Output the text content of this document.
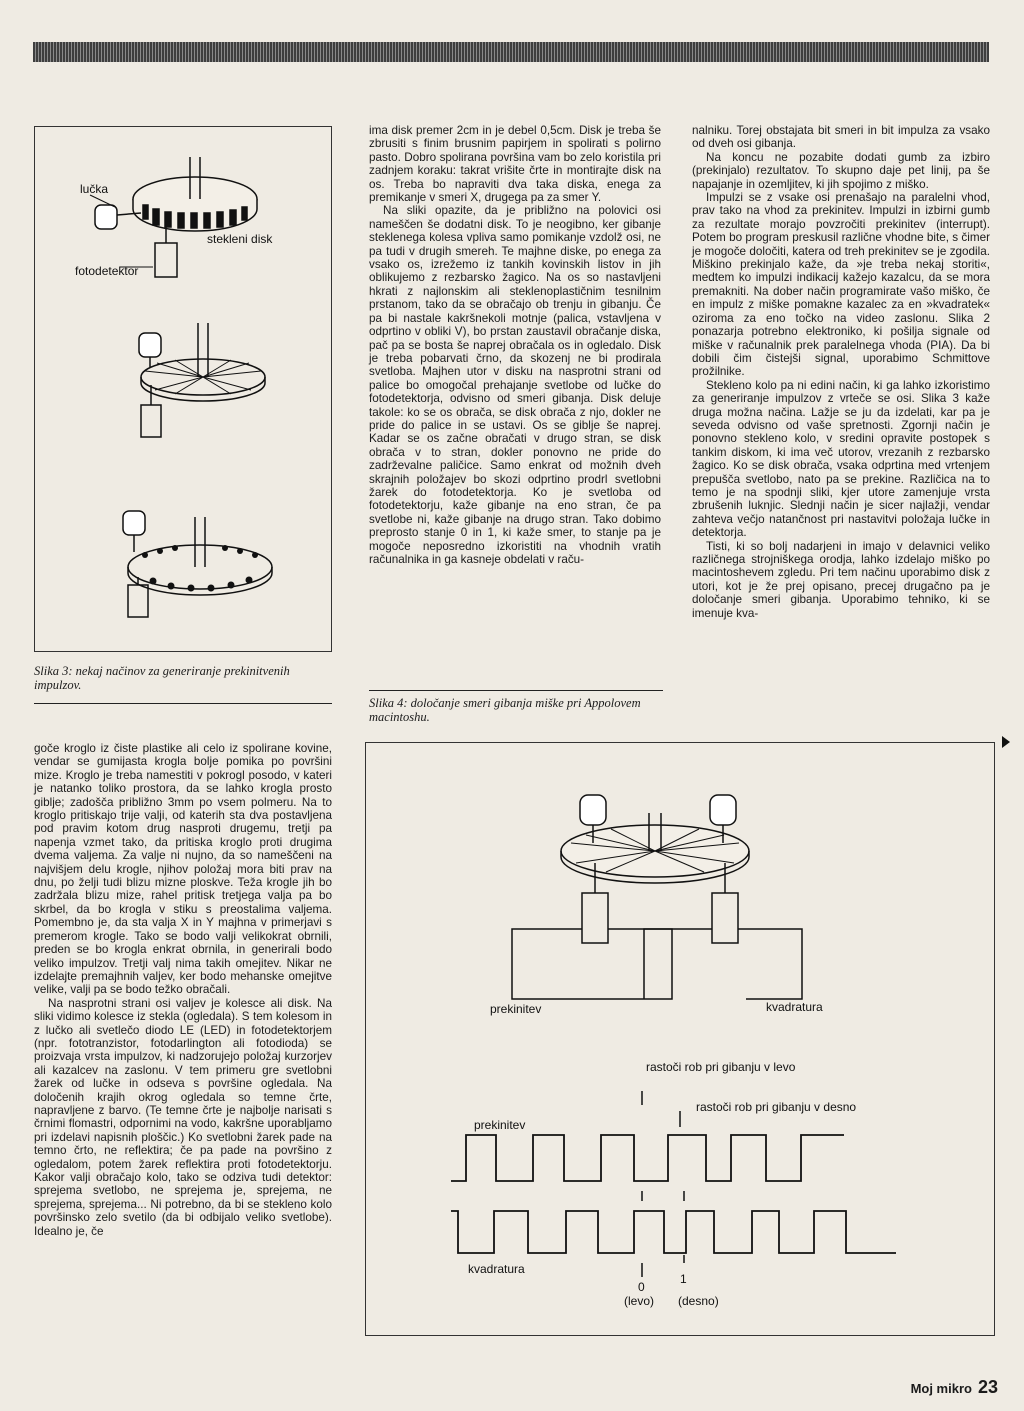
lučka
stekleni disk
fotodetektor
Slika 3: nekaj načinov za generiranje prekinitvenih impulzov.

ima disk premer 2cm in je debel 0,5cm. Disk je treba še zbrusiti s finim brusnim papirjem in spolirati s polirno pasto. Dobro spolirana površina vam bo zelo koristila pri zadnjem koraku: takrat vrišite črte in montirajte disk na os. Treba bo napraviti dva taka diska, enega za premikanje v smeri X, drugega pa za smer Y.

Na sliki opazite, da je približno na polovici osi nameščen še dodatni disk. To je neogibno, ker gibanje steklenega kolesa vpliva samo pomikanje vzdolž osi, ne pa tudi v drugih smereh. Te majhne diske, po enega za vsako os, izrežemo iz tankih kovinskih listov in jih oblikujemo z rezbarsko žagico. Na os so nastavljeni hkrati z najlonskim ali steklenoplastičnim tesnilnim prstanom, tako da se obračajo ob trenju in gibanju. Če pa bi nastale kakršnekoli motnje (palica, vstavljena v odprtino v obliki V), bo prstan zaustavil obračanje diska, pač pa se bosta še naprej obračala os in ogledalo. Disk je treba pobarvati črno, da skozenj ne bi prodirala svetloba. Majhen utor v disku na nasprotni strani od palice bo omogočal prehajanje svetlobe od lučke do fotodetektorja, odvisno od smeri gibanja. Disk deluje takole: ko se os obrača, se disk obrača z njo, dokler ne pride do palice in se ustavi. Os se giblje še naprej. Kadar se os začne obračati v drugo stran, se disk obrača v to stran, dokler ponovno ne pride do zadrževalne paličice. Samo enkrat od možnih dveh skrajnih položajev bo skozi odprtino prodrl svetlobni žarek do fotodetektorja. Ko je svetloba od fotodetektorju, kaže gibanje na eno stran, če pa svetlobe ni, kaže gibanje na drugo stran. Tako dobimo preprosto stanje 0 in 1, ki kaže smer, to stanje pa je mogoče neposredno izkoristiti na vhodnih vratih računalnika in ga kasneje obdelati v raču-

Slika 4: določanje smeri gibanja miške pri Appolovem macintoshu.

nalniku. Torej obstajata bit smeri in bit impulza za vsako od dveh osi gibanja.

Na koncu ne pozabite dodati gumb za izbiro (prekinjalo) rezultatov. To skupno daje pet linij, pa še napajanje in ozemljitev, ki jih spojimo z miško.

Impulzi se z vsake osi prenašajo na paralelni vhod, prav tako na vhod za prekinitev. Impulzi in izbirni gumb za rezultate morajo povzročiti prekinitev (interrupt). Potem bo program preskusil različne vhodne bite, s čimer je mogoče določiti, katera od treh prekinitev se je zgodila. Miškino prekinjalo kaže, da »je treba nekaj storiti«, medtem ko impulzi indikacij kažejo kazalcu, da se mora premakniti. Na dober način programirate vašo miško, če en impulz z miške pomakne kazalec za en »kvadratek« oziroma za eno točko na video zaslonu. Slika 2 ponazarja potrebno elektroniko, ki pošilja signale od miške v računalnik prek paralelnega vhoda (PIA). Da bi dobili čim čistejši signal, uporabimo Schmittove prožilnike.

Stekleno kolo pa ni edini način, ki ga lahko izkoristimo za generiranje impulzov z vrteče se osi. Slika 3 kaže druga možna načina. Lažje se ju da izdelati, kar pa je seveda odvisno od vaše spretnosti. Zgornji način je ponovno stekleno kolo, v sredini opravite postopek s tankim diskom, ki ima več utorov, vrezanih z rezbarsko žagico. Ko se disk obrača, vsaka odprtina med vrtenjem prepušča svetlobo, nato pa se prekine. Različica na to temo je na spodnji sliki, kjer utore zamenjuje vrsta zbrušenih luknjic. Slednji način je sicer najlažji, vendar zahteva večjo natančnost pri nastavitvi položaja lučke in detektorja.

Tisti, ki so bolj nadarjeni in imajo v delavnici veliko različnega strojniškega orodja, lahko izdelajo miško po macintoshevem zgledu. Pri tem načinu uporabimo disk z utori, kot je že prej opisano, precej drugačno pa je določanje smeri gibanja. Uporabimo tehniko, ki se imenuje kva-

goče kroglo iz čiste plastike ali celo iz spolirane kovine, vendar se gumijasta krogla bolje pomika po površini mize. Kroglo je treba namestiti v pokrogl posodo, v kateri je natanko toliko prostora, da se lahko krogla prosto giblje; zadošča približno 3mm po vsem polmeru. Na to kroglo pritiskajo trije valji, od katerih sta dva postavljena pod pravim kotom drug nasproti drugemu, tretji pa napenja vzmet tako, da pritiska kroglo proti drugima dvema valjema. Za valje ni nujno, da so nameščeni na najvišjem delu krogle, njihov položaj mora biti prav na dnu, po želji tudi blizu mizne ploskve. Teža krogle jih bo zadržala blizu mize, rahel pritisk tretjega valja pa bo skrbel, da bo krogla v stiku s preostalima valjema. Pomembno je, da sta valja X in Y majhna v primerjavi s premerom krogle. Tako se bodo valji velikokrat obrnili, preden se bo krogla enkrat obrnila, in generirali bodo veliko impulzov. Tretji valj nima takih omejitev. Nikar ne izdelajte premajhnih valjev, ker bodo mehanske omejitve velike, valji pa se bodo težko obračali.

Na nasprotni strani osi valjev je kolesce ali disk. Na sliki vidimo kolesce iz stekla (ogledala). S tem kolesom in z lučko ali svetlečo diodo LE (LED) in fotodetektorjem (npr. fototranzistor, fotodarlington ali fotodioda) se proizvaja vrsta impulzov, ki nadzorujejo položaj kurzorjev ali kazalcev na zaslonu. V tem primeru gre svetlobni žarek od lučke in odseva s površine ogledala. Na določenih krajih okrog ogledala so temne črte, napravljene z barvo. (Te temne črte je najbolje narisati s črnimi flomastri, odpornimi na vodo, kakršne uporabljamo pri izdelavi napisnih ploščic.) Ko svetlobni žarek pade na temno črto, ne reflektira; če pa pade na površino z ogledalom, potem žarek reflektira proti fotodetektorju. Kakor valji obračajo kolo, tako se odziva tudi detektor: sprejema svetlobo, ne sprejema je, sprejema, ne sprejema, sprejema... Ni potrebno, da bi se stekleno kolo površinsko zelo svetilo (da bi odbijalo veliko svetlobe). Idealno je, če

prekinitev	kvadratura
rastoči rob pri gibanju v levo
rastoči rob pri gibanju v desno
prekinitev
kvadratura
0
1
(levo) (desno)
Moj mikro 23
